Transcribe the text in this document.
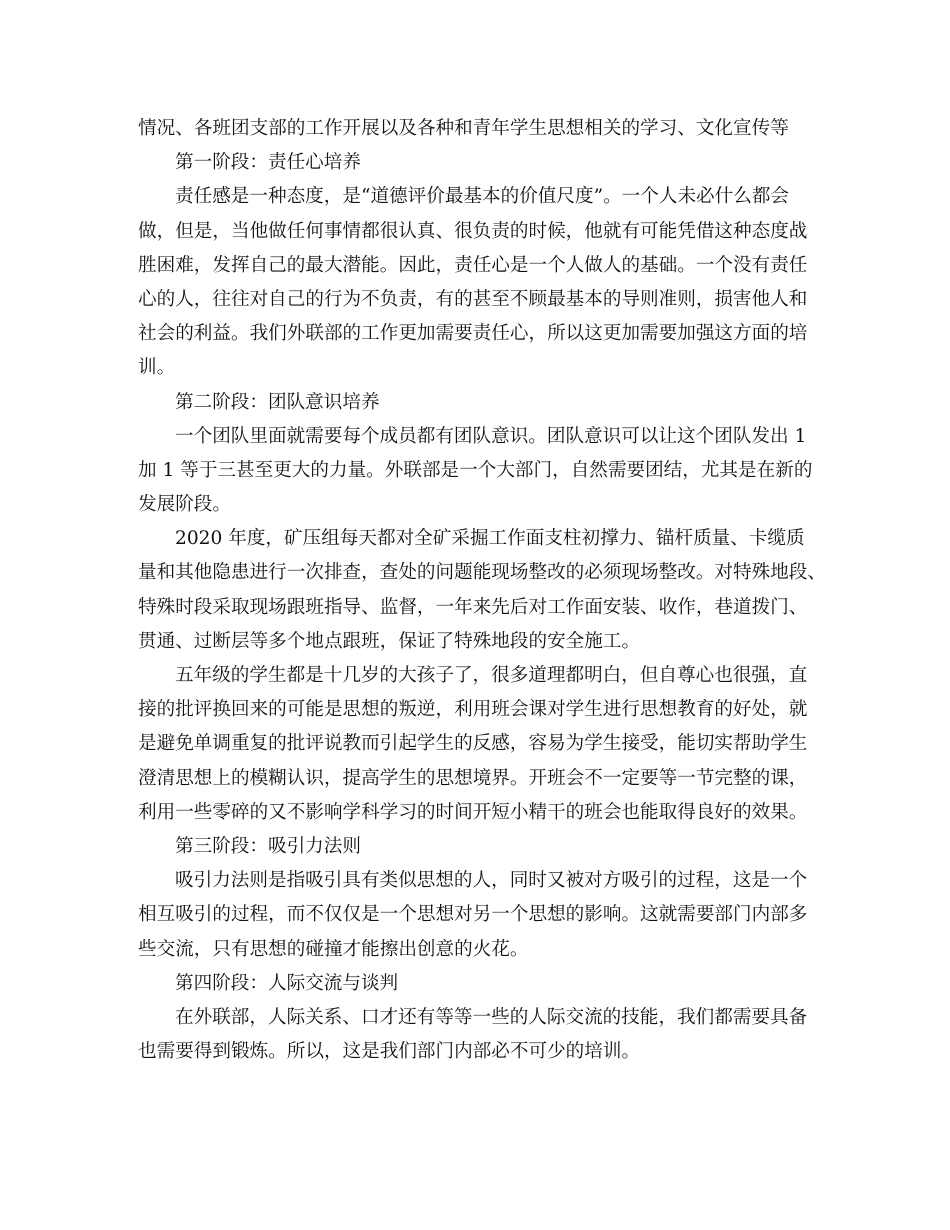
情况、各班团支部的工作开展以及各种和青年学生思想相关的学习、文化宣传等
第一阶段：责任心培养
责任感是一种态度，是“道德评价最基本的价值尺度”。一个人未必什么都会
做，但是，当他做任何事情都很认真、很负责的时候，他就有可能凭借这种态度战
胜困难，发挥自己的最大潜能。因此，责任心是一个人做人的基础。一个没有责任
心的人，往往对自己的行为不负责，有的甚至不顾最基本的导则准则，损害他人和
社会的利益。我们外联部的工作更加需要责任心，所以这更加需要加强这方面的培
训。
第二阶段：团队意识培养
一个团队里面就需要每个成员都有团队意识。团队意识可以让这个团队发出 1
加 1 等于三甚至更大的力量。外联部是一个大部门，自然需要团结，尤其是在新的
发展阶段。
2020 年度，矿压组每天都对全矿采掘工作面支柱初撑力、锚杆质量、卡缆质
量和其他隐患进行一次排查，查处的问题能现场整改的必须现场整改。对特殊地段、
特殊时段采取现场跟班指导、监督，一年来先后对工作面安装、收作，巷道拨门、
贯通、过断层等多个地点跟班，保证了特殊地段的安全施工。
五年级的学生都是十几岁的大孩子了，很多道理都明白，但自尊心也很强，直
接的批评换回来的可能是思想的叛逆，利用班会课对学生进行思想教育的好处，就
是避免单调重复的批评说教而引起学生的反感，容易为学生接受，能切实帮助学生
澄清思想上的模糊认识，提高学生的思想境界。开班会不一定要等一节完整的课，
利用一些零碎的又不影响学科学习的时间开短小精干的班会也能取得良好的效果。
第三阶段：吸引力法则
吸引力法则是指吸引具有类似思想的人，同时又被对方吸引的过程，这是一个
相互吸引的过程，而不仅仅是一个思想对另一个思想的影响。这就需要部门内部多
些交流，只有思想的碰撞才能擦出创意的火花。
第四阶段：人际交流与谈判
在外联部，人际关系、口才还有等等一些的人际交流的技能，我们都需要具备
也需要得到锻炼。所以，这是我们部门内部必不可少的培训。
